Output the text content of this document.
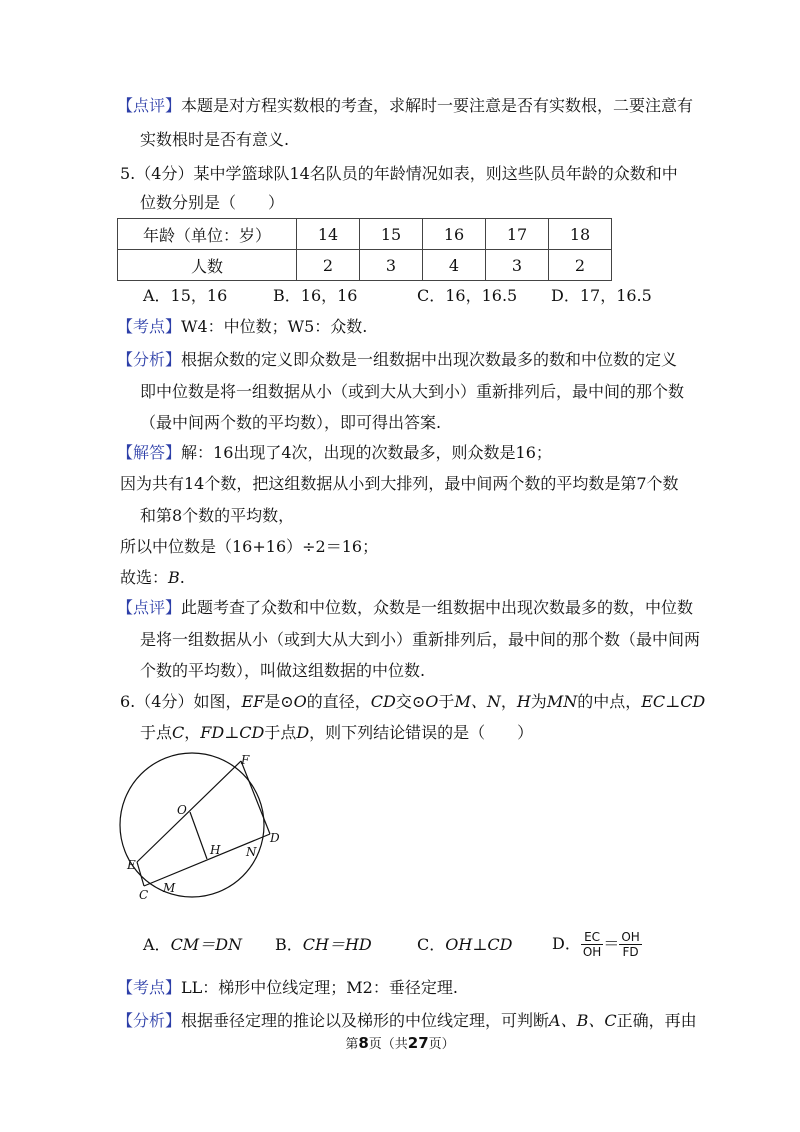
【点评】本题是对方程实数根的考查，求解时一要注意是否有实数根，二要注意有
实数根时是否有意义.
5.（4分）某中学篮球队14名队员的年龄情况如表，则这些队员年龄的众数和中
位数分别是（　　）
年龄（单位：岁）	14	15	16	17	18
人数	2	3	4	3	2
A．15，16	B．16，16	C．16，16.5 D．17，16.5
【考点】W4：中位数；W5：众数.
【分析】根据众数的定义即众数是一组数据中出现次数最多的数和中位数的定义
即中位数是将一组数据从小（或到大从大到小）重新排列后，最中间的那个数
（最中间两个数的平均数），即可得出答案.
【解答】解：16出现了4次，出现的次数最多，则众数是16；
因为共有14个数，把这组数据从小到大排列，最中间两个数的平均数是第7个数
和第8个数的平均数，
所以中位数是（16+16）÷2＝16；
故选：B.
【点评】此题考查了众数和中位数，众数是一组数据中出现次数最多的数，中位数
是将一组数据从小（或到大从大到小）重新排列后，最中间的那个数（最中间两
个数的平均数），叫做这组数据的中位数.
6.（4分）如图，EF是⊙O的直径，CD交⊙O于M、N，H为MN的中点，EC⊥CD
于点C，FD⊥CD于点D，则下列结论错误的是（　　）
F
O
D
H N
E
C M
A．CM＝DN B．CH＝HD	C．OH⊥CD D． $\frac{EC}{OH} = \frac{OH}{FD}$
【考点】LL：梯形中位线定理；M2：垂径定理.
【分析】根据垂径定理的推论以及梯形的中位线定理，可判断A、B、C正确，再由
第8页（共27页）
